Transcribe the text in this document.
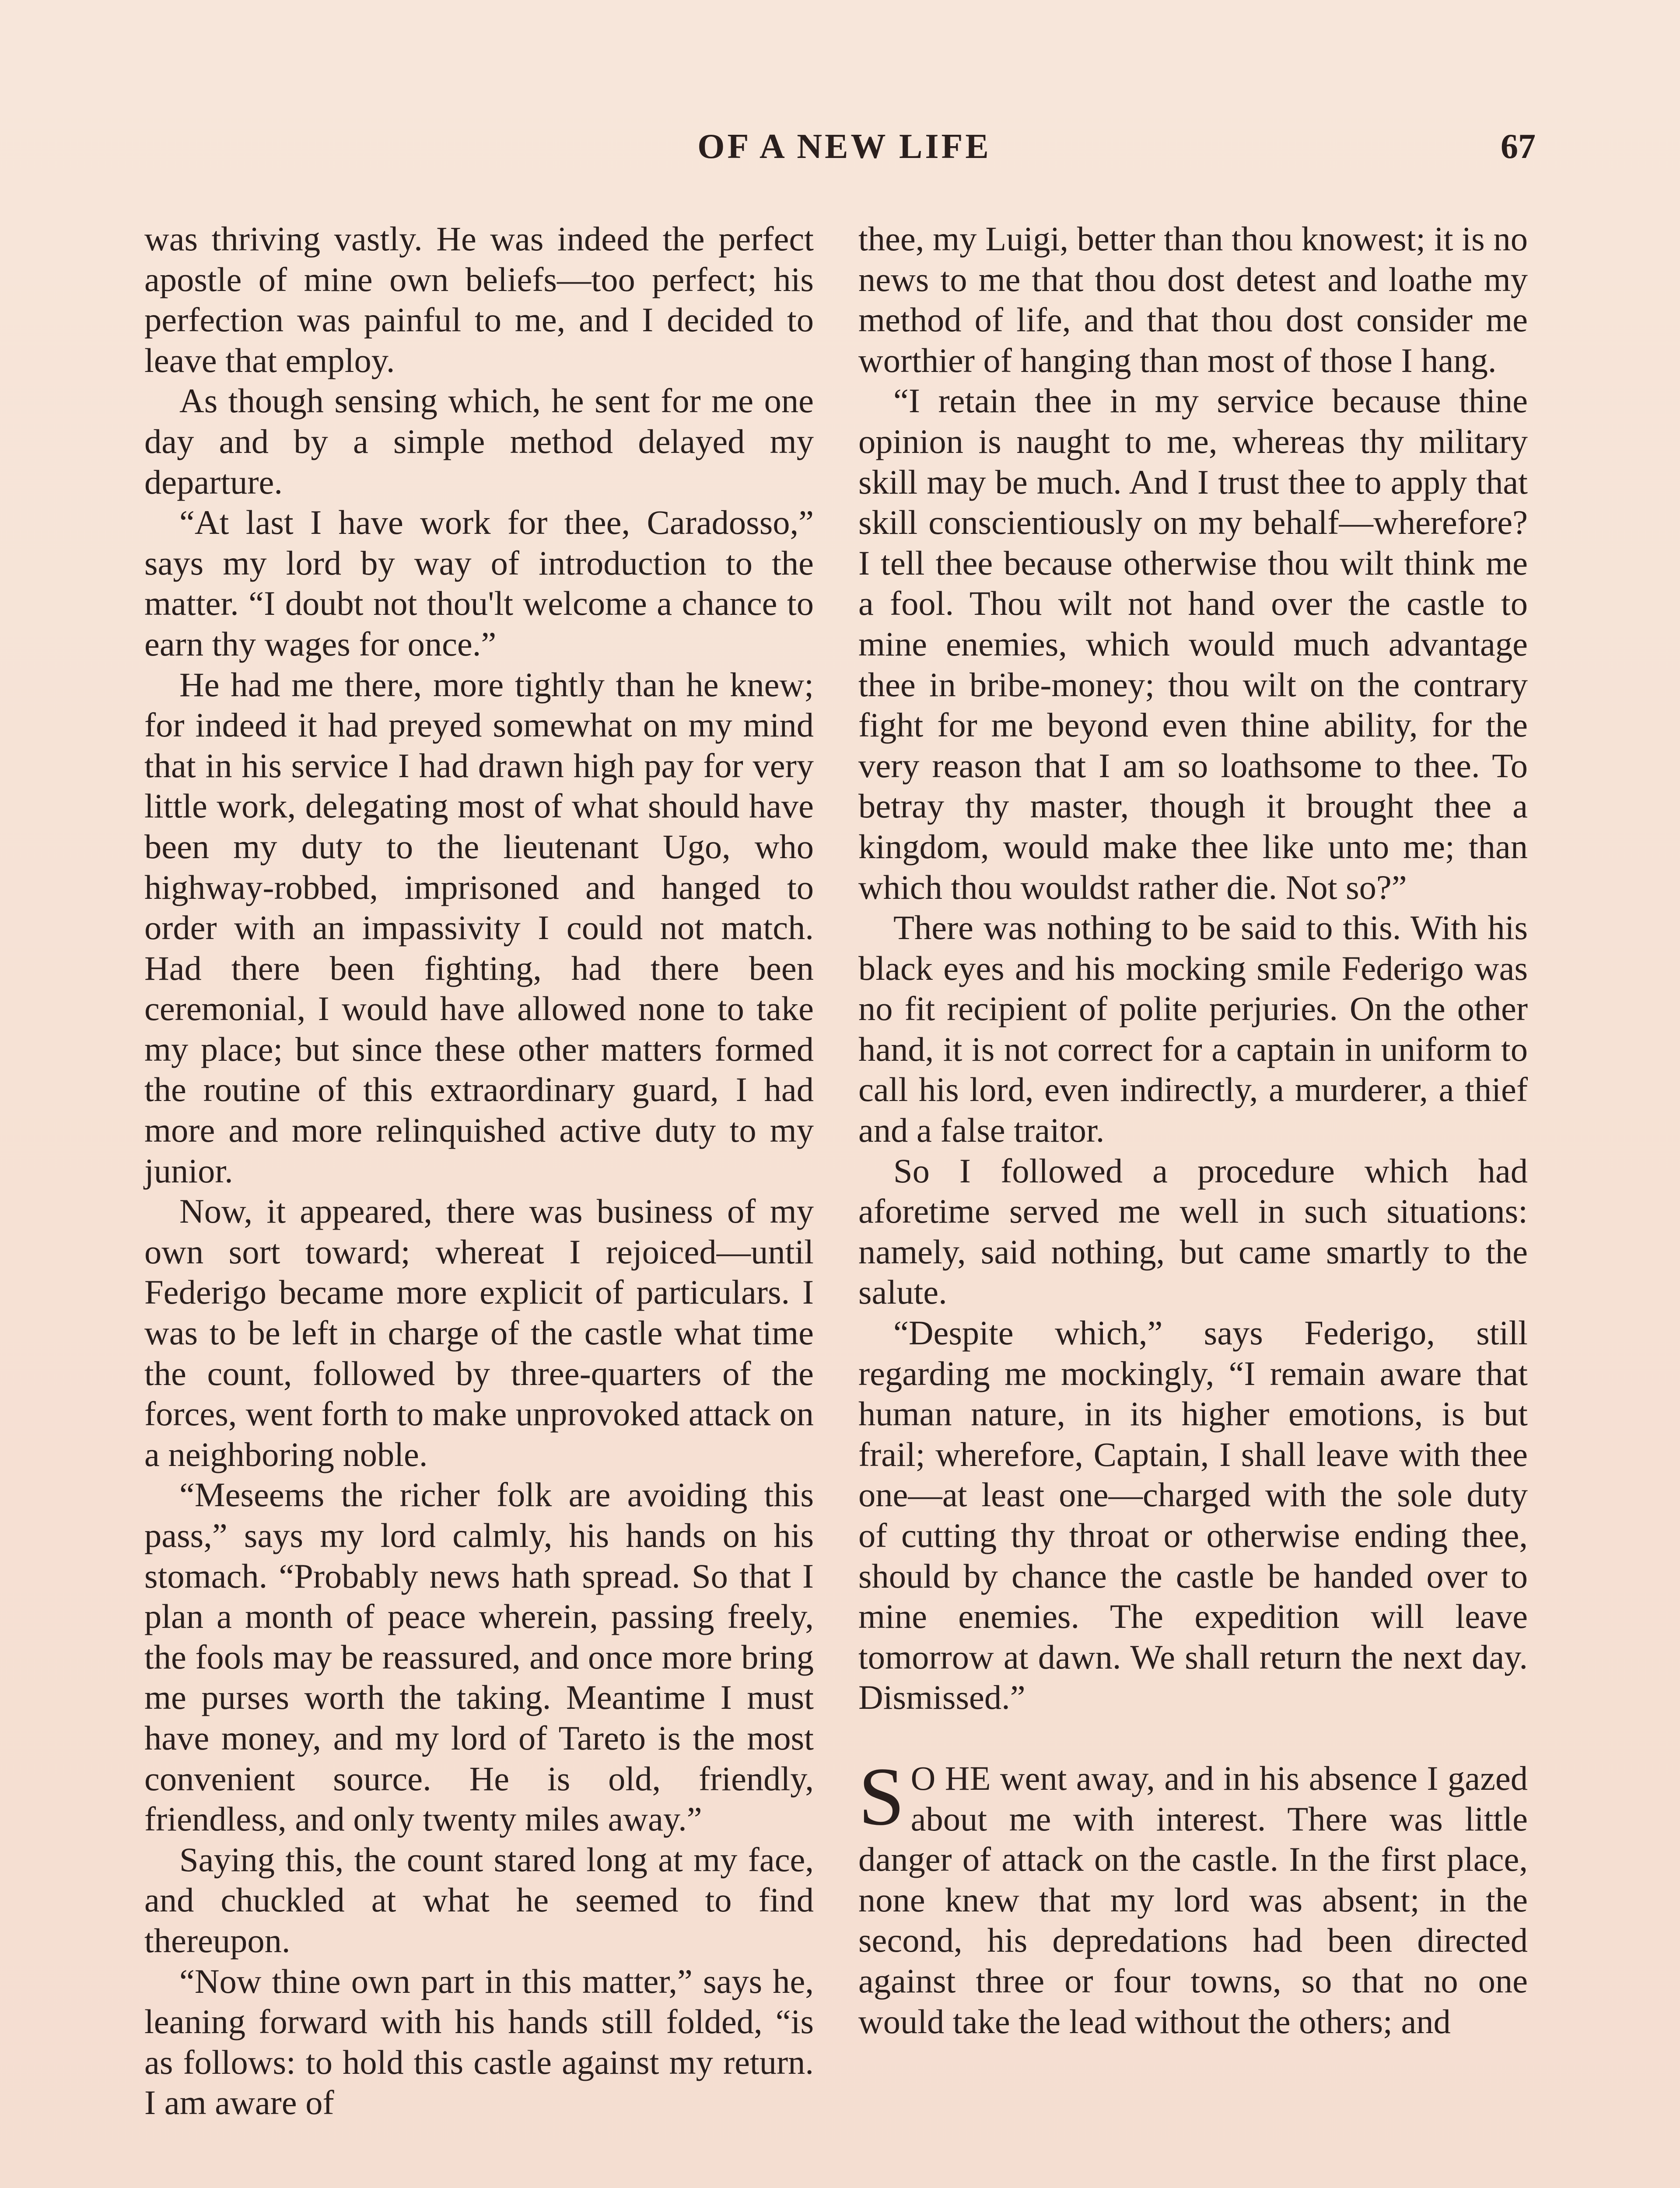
OF A NEW LIFE	67

was thriving vastly. He was indeed the perfect apostle of mine own beliefs—too perfect; his perfection was painful to me, and I decided to leave that employ.

As though sensing which, he sent for me one day and by a simple method delayed my departure.

“At last I have work for thee, Caradosso,” says my lord by way of introduction to the matter. “I doubt not thou'lt welcome a chance to earn thy wages for once.”

He had me there, more tightly than he knew; for indeed it had preyed somewhat on my mind that in his service I had drawn high pay for very little work, delegating most of what should have been my duty to the lieutenant Ugo, who highway-robbed, imprisoned and hanged to order with an impassivity I could not match. Had there been fighting, had there been ceremonial, I would have allowed none to take my place; but since these other matters formed the routine of this extraordinary guard, I had more and more relinquished active duty to my junior.

Now, it appeared, there was business of my own sort toward; whereat I rejoiced—until Federigo became more explicit of particulars. I was to be left in charge of the castle what time the count, followed by three-quarters of the forces, went forth to make unprovoked attack on a neighboring noble.

“Meseems the richer folk are avoiding this pass,” says my lord calmly, his hands on his stomach. “Probably news hath spread. So that I plan a month of peace wherein, passing freely, the fools may be reassured, and once more bring me purses worth the taking. Meantime I must have money, and my lord of Tareto is the most convenient source. He is old, friendly, friendless, and only twenty miles away.”

Saying this, the count stared long at my face, and chuckled at what he seemed to find thereupon.

“Now thine own part in this matter,” says he, leaning forward with his hands still folded, “is as follows: to hold this castle against my return. I am aware of

thee, my Luigi, better than thou knowest; it is no news to me that thou dost detest and loathe my method of life, and that thou dost consider me worthier of hanging than most of those I hang.

“I retain thee in my service because thine opinion is naught to me, whereas thy military skill may be much. And I trust thee to apply that skill conscientiously on my behalf—wherefore? I tell thee because otherwise thou wilt think me a fool. Thou wilt not hand over the castle to mine enemies, which would much advantage thee in bribe-money; thou wilt on the contrary fight for me beyond even thine ability, for the very reason that I am so loathsome to thee. To betray thy master, though it brought thee a kingdom, would make thee like unto me; than which thou wouldst rather die. Not so?”

There was nothing to be said to this. With his black eyes and his mocking smile Federigo was no fit recipient of polite perjuries. On the other hand, it is not correct for a captain in uniform to call his lord, even indirectly, a murderer, a thief and a false traitor.

So I followed a procedure which had aforetime served me well in such situations: namely, said nothing, but came smartly to the salute.

“Despite which,” says Federigo, still regarding me mockingly, “I remain aware that human nature, in its higher emotions, is but frail; wherefore, Captain, I shall leave with thee one—at least one—charged with the sole duty of cutting thy throat or otherwise ending thee, should by chance the castle be handed over to mine enemies. The expedition will leave tomorrow at dawn. We shall return the next day. Dismissed.”

S O HE went away, and in his absence I gazed about me with interest. There was little danger of attack on the castle. In the first place, none knew that my lord was absent; in the second, his depredations had been directed against three or four towns, so that no one would take the lead without the others; and
